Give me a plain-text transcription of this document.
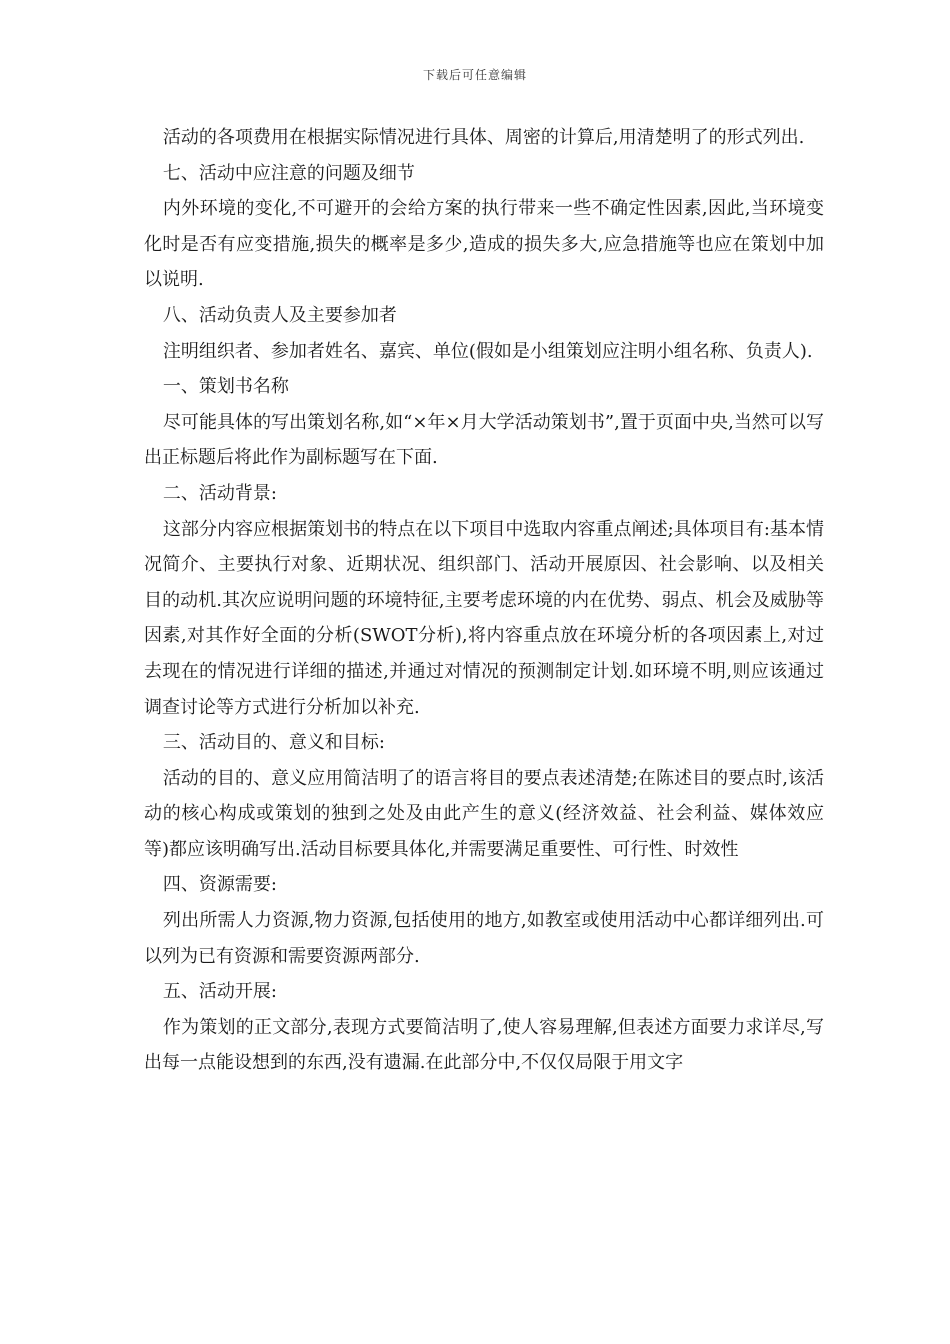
下载后可任意编辑

活动的各项费用在根据实际情况进行具体、周密的计算后,用清楚明了的形式列出.

七、活动中应注意的问题及细节

内外环境的变化,不可避开的会给方案的执行带来一些不确定性因素,因此,当环境变化时是否有应变措施,损失的概率是多少,造成的损失多大,应急措施等也应在策划中加以说明.

八、活动负责人及主要参加者

注明组织者、参加者姓名、嘉宾、单位(假如是小组策划应注明小组名称、负责人).

一、策划书名称

尽可能具体的写出策划名称,如“×年×月大学活动策划书”,置于页面中央,当然可以写出正标题后将此作为副标题写在下面.

二、活动背景:

这部分内容应根据策划书的特点在以下项目中选取内容重点阐述;具体项目有:基本情况简介、主要执行对象、近期状况、组织部门、活动开展原因、社会影响、以及相关目的动机.其次应说明问题的环境特征,主要考虑环境的内在优势、弱点、机会及威胁等因素,对其作好全面的分析(SWOT分析),将内容重点放在环境分析的各项因素上,对过去现在的情况进行详细的描述,并通过对情况的预测制定计划.如环境不明,则应该通过调查讨论等方式进行分析加以补充.

三、活动目的、意义和目标:

活动的目的、意义应用简洁明了的语言将目的要点表述清楚;在陈述目的要点时,该活动的核心构成或策划的独到之处及由此产生的意义(经济效益、社会利益、媒体效应等)都应该明确写出.活动目标要具体化,并需要满足重要性、可行性、时效性

四、资源需要:

列出所需人力资源,物力资源,包括使用的地方,如教室或使用活动中心都详细列出.可以列为已有资源和需要资源两部分.

五、活动开展:

作为策划的正文部分,表现方式要简洁明了,使人容易理解,但表述方面要力求详尽,写出每一点能设想到的东西,没有遗漏.在此部分中,不仅仅局限于用文字
